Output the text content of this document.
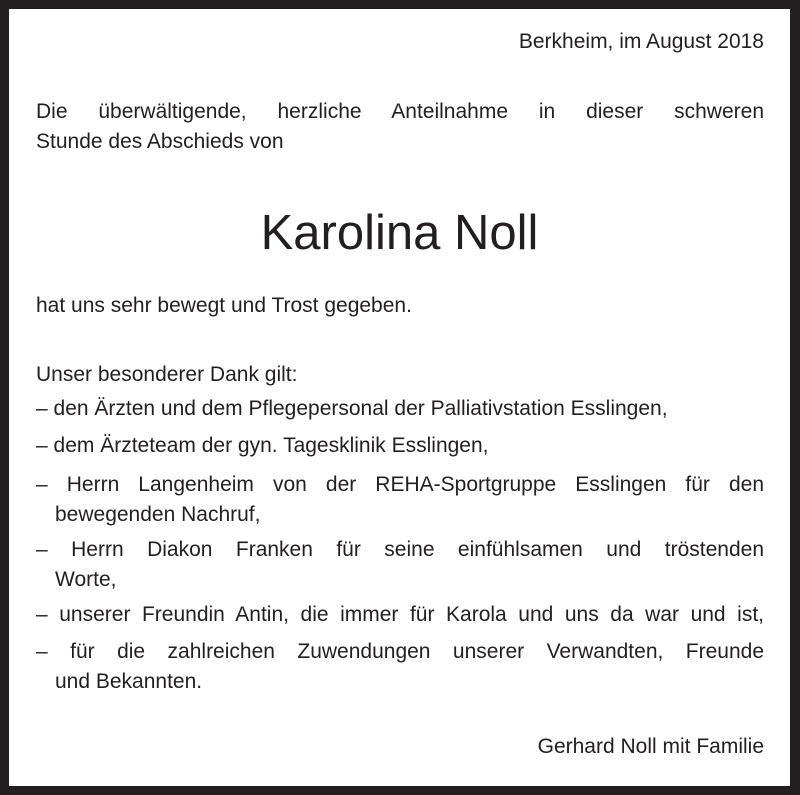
Berkheim, im August 2018
Die überwältigende, herzliche Anteilnahme in dieser schweren
Stunde des Abschieds von
Karolina Noll
hat uns sehr bewegt und Trost gegeben.
Unser besonderer Dank gilt:
– den Ärzten und dem Pflegepersonal der Palliativstation Esslingen,
– dem Ärzteteam der gyn. Tagesklinik Esslingen,
– Herrn Langenheim von der REHA-Sportgruppe Esslingen für den
bewegenden Nachruf,
– Herrn Diakon Franken für seine einfühlsamen und tröstenden
Worte,
– unserer Freundin Antin, die immer für Karola und uns da war und ist,
– für die zahlreichen Zuwendungen unserer Verwandten, Freunde
und Bekannten.
Gerhard Noll mit Familie
